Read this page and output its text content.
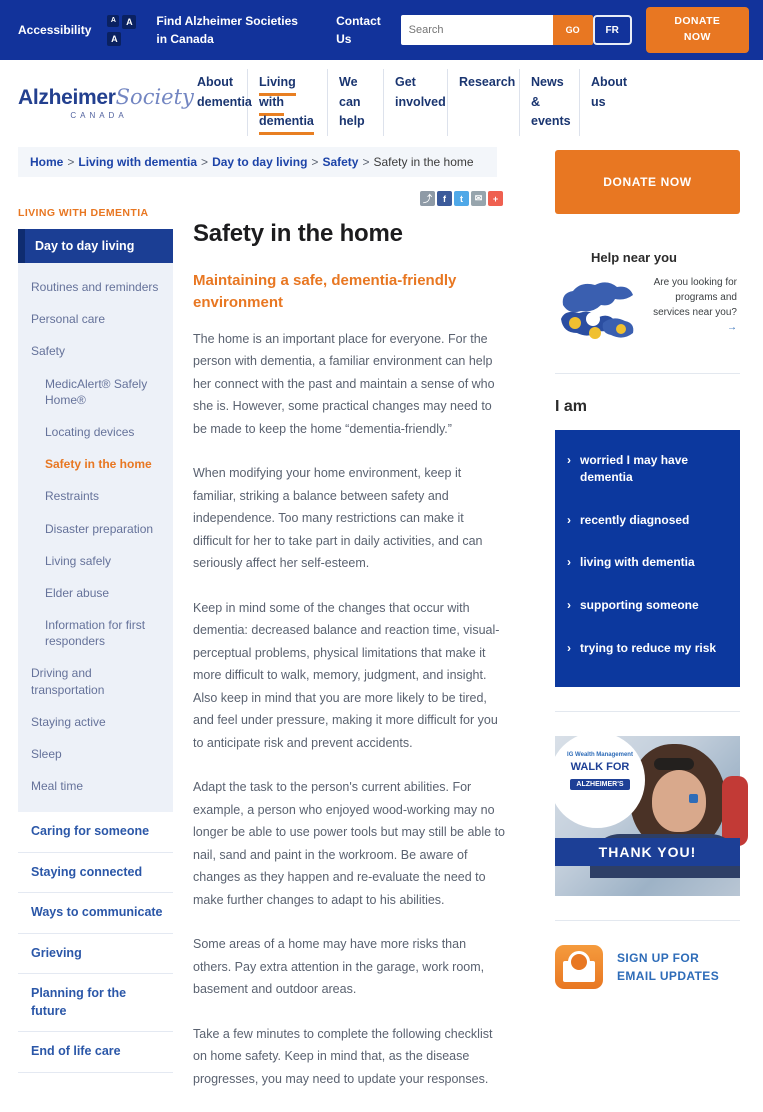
Accessibility
A	A
A
Find Alzheimer Societies in Canada
Contact Us
Search
GO	FR
DONATE NOW
AlzheimerSociety
CANADA
About dementia
Living with dementia
We can help
Get involved
Research	News & events
About us
Home > Living with dementia > Day to day living > Safety > Safety in the home
LIVING WITH DEMENTIA
Day to day living
Routines and reminders
Personal care
Safety
MedicAlert® Safely Home®
Locating devices
Safety in the home
Restraints
Disaster preparation
Living safely
Elder abuse
Information for first responders
Driving and transportation
Staying active
Sleep
Meal time
Caring for someone
Staying connected
Ways to communicate
Grieving
Planning for the future
End of life care
⤴	f	t	✉	+
Safety in the home
Maintaining a safe, dementia-friendly environment

The home is an important place for everyone. For the person with dementia, a familiar environment can help her connect with the past and maintain a sense of who she is. However, some practical changes may need to be made to keep the home “dementia-friendly.”

When modifying your home environment, keep it familiar, striking a balance between safety and independence. Too many restrictions can make it difficult for her to take part in daily activities, and can seriously affect her self-esteem.

Keep in mind some of the changes that occur with dementia: decreased balance and reaction time, visual-perceptual problems, physical limitations that make it more difficult to walk, memory, judgment, and insight. Also keep in mind that you are more likely to be tired, and feel under pressure, making it more difficult for you to anticipate risk and prevent accidents.

Adapt the task to the person's current abilities. For example, a person who enjoyed wood-working may no longer be able to use power tools but may still be able to nail, sand and paint in the workroom. Be aware of changes as they happen and re-evaluate the need to make further changes to adapt to his abilities.

Some areas of a home may have more risks than others. Pay extra attention in the garage, work room, basement and outdoor areas.

Take a few minutes to complete the following checklist on home safety. Keep in mind that, as the disease progresses, you may need to update your responses.

DONATE NOW
Help near you
Are you looking for programs and services near you? →
I am
› worried I may have dementia
› recently diagnosed
› living with dementia
› supporting someone
› trying to reduce my risk
IG Wealth Management
WALK FOR
ALZHEIMER'S
THANK YOU!
SIGN UP FOR EMAIL UPDATES
